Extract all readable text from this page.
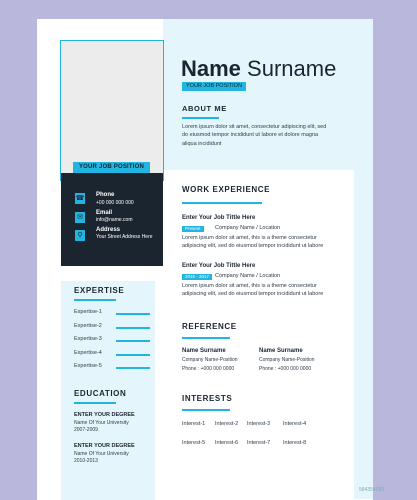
YOUR JOB POSITION
☎ Phone
+00 000 000 000
✉
Email
info@name.com
⚲
Address
Your Street Address Here
EXPERTISE
Expertise-1
Expertise-2
Expertise-3
Expertise-4
Expertise-5
EDUCATION
ENTER YOUR DEGREE
Name Of Your University
2007-2009
ENTER YOUR DEGREE
Name Of Your University
2010-2013
Name Surname
YOUR JOB POSITION
ABOUT ME
Lorem ipsum dolor sit amet, consectetur adipiscing elit, sed do eiusmod tempor incididunt ut labore et dolore magna aliqua incididunt
WORK EXPERIENCE
Enter Your Job Tittle Here
Present	Company Name / Location
Lorem ipsum dolor sit amet, this is a theme consectetur adipiscing elit, sed do eiusmod tempor incididunt ut labore
Enter Your Job Tittle Here
2015 - 2017	Company Name / Location
Lorem ipsum dolor sit amet, this is a theme consectetur adipiscing elit, sed do eiusmod tempor incididunt ut labore
REFERENCE
Name Surname
Company Name-Position
Phone : +000 000 0000
Name Surname
Company Name-Position
Phone : +000 000 0000
INTERESTS
Interest-1 Interest-2 Interest-3 Interest-4
Interest-5 Interest-6 Interest-7 Interest-8
584354999
